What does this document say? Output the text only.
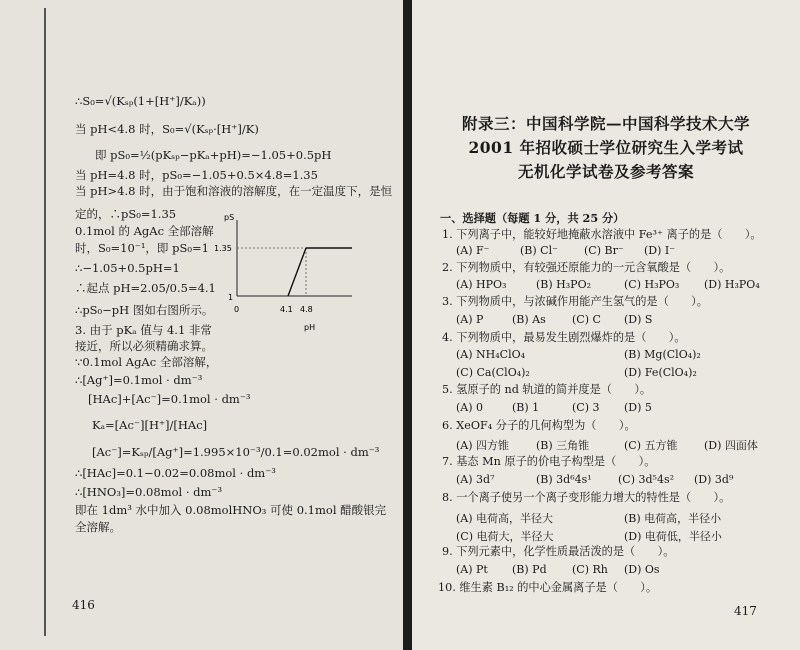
∴S₀=√(Kₛₚ(1+[H⁺]/Kₐ))
当 pH<4.8 时，S₀=√(Kₛₚ·[H⁺]/K)
即 pS₀=½(pKₛₚ−pKₐ+pH)=−1.05+0.5pH
当 pH=4.8 时，pS₀=−1.05+0.5×4.8=1.35
当 pH>4.8 时，由于饱和溶液的溶解度，在一定温度下，是恒
定的，∴pS₀=1.35
0.1mol 的 AgAc 全部溶解
时，S₀=10⁻¹，即 pS₀=1
∴−1.05+0.5pH=1
∴起点 pH=2.05/0.5=4.1
∴pS₀−pH 图如右图所示。
3. 由于 pKₐ 值与 4.1 非常
接近，所以必须精确求算。
∵0.1mol AgAc 全部溶解，
∴[Ag⁺]=0.1mol · dm⁻³
[HAc]+[Ac⁻]=0.1mol · dm⁻³
Kₐ=[Ac⁻][H⁺]/[HAc]
[Ac⁻]=Kₛₚ/[Ag⁺]=1.995×10⁻³/0.1=0.02mol · dm⁻³
∴[HAc]=0.1−0.02=0.08mol · dm⁻³
∴[HNO₃]=0.08mol · dm⁻³
即在 1dm³ 水中加入 0.08molHNO₃ 可使 0.1mol 醋酸银完
全溶解。
pS
1.35
1
0	4.1 4.8
pH
416
附录三：中国科学院—中国科学技术大学
2001 年招收硕士学位研究生入学考试
无机化学试卷及参考答案
一、选择题（每题 1 分，共 25 分）
1. 下列离子中，能较好地掩蔽水溶液中 Fe³⁺ 离子的是（　　）。
(A) F⁻	(B) Cl⁻ (C) Br⁻ (D) I⁻
2. 下列物质中，有较强还原能力的一元含氧酸是（　　）。
(A) HPO₃	(B) H₃PO₂	(C) H₃PO₃ (D) H₃PO₄
3. 下列物质中，与浓碱作用能产生氢气的是（　　）。
(A) P	(B) As (C) C (D) S
4. 下列物质中，最易发生剧烈爆炸的是（　　）。
(A) NH₄ClO₄	(B) Mg(ClO₄)₂
(C) Ca(ClO₄)₂	(D) Fe(ClO₄)₂
5. 氢原子的 nd 轨道的简并度是（　　）。
(A) 0	(B) 1	(C) 3 (D) 5
6. XeOF₄ 分子的几何构型为（　　）。
(A) 四方锥 (B) 三角锥	(C) 五方锥 (D) 四面体
7. 基态 Mn 原子的价电子构型是（　　）。
(A) 3d⁷	(B) 3d⁶4s¹ (C) 3d⁵4s² (D) 3d⁹
8. 一个离子使另一个离子变形能力增大的特性是（　　）。
(A) 电荷高，半径大	(B) 电荷高，半径小
(C) 电荷大，半径大	(D) 电荷低，半径小
9. 下列元素中，化学性质最活泼的是（　　）。
(A) Pt (B) Pd (C) Rh (D) Os
10. 维生素 B₁₂ 的中心金属离子是（　　）。
417
